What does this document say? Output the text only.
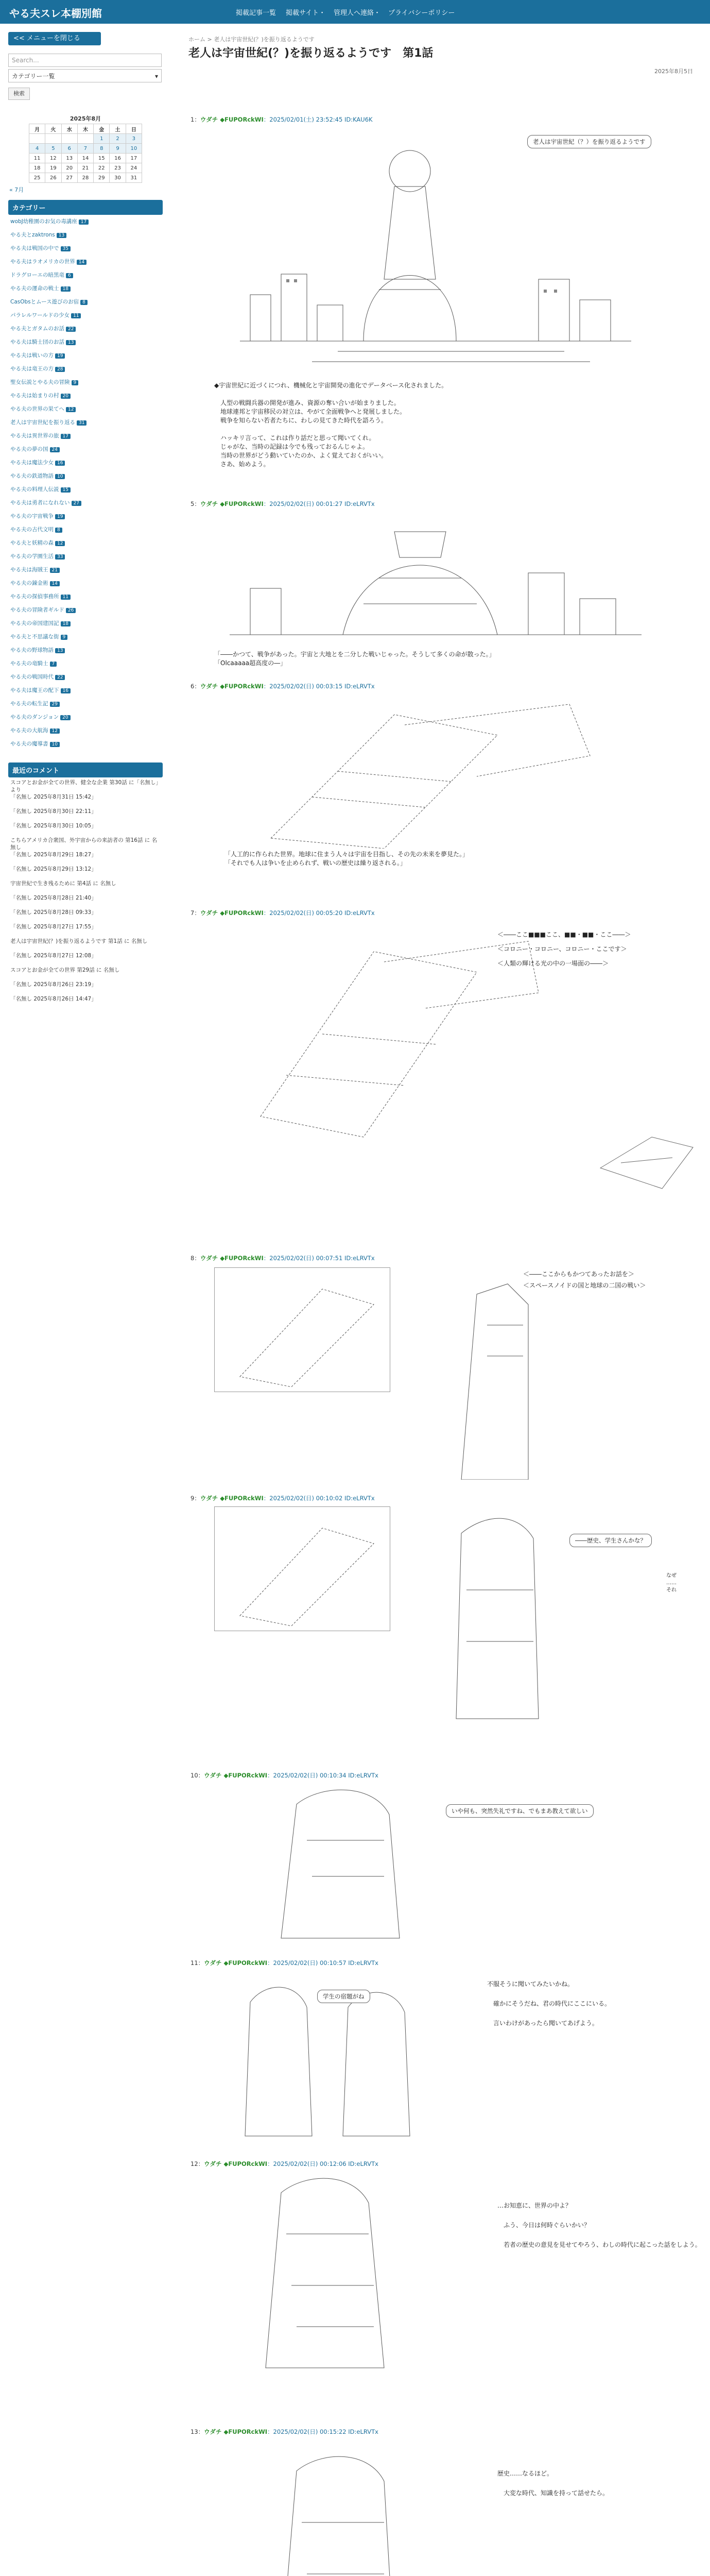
やる夫スレ本棚別館	掲載記事一覧 掲載サイト・ 管理人へ連絡・ プライバシーポリシー
<< メニューを閉じる
Search...
カテゴリー一覧	▾
検索
2025年8月						
月	火	水	木	金	土	日
				1	2	3
4	5	6	7	8	9	10
11	12	13	14	15	16	17
18	19	20	21	22	23	24
25	26	27	28	29	30	31
« 7月
カテゴリー
wobJ幼稚園のお気の毒講座 17
やる夫とzaktrons 13
やる夫は戦国の中で 35
やる夫はラオメリカの世界 14
ドラグローエの暗黒竜 6
やる夫の運命の戦士 18
CasObsとムース遊びのお宿 8
パラレルワールドの少女 11
やる夫とガタムのお話 22
やる夫は騎士団のお話 13
やる夫は戦いの方 19
やる夫は竜王の方 28
聖女伝説とやる夫の冒険 9
やる夫は始まりの村 20
やる夫の世界の果てへ 12
老人は宇宙世紀を振り返る 31
やる夫は異世界の旅 17
やる夫の夢の国 24
やる夫は魔法少女 16
やる夫の鉄道物語 10
やる夫の料理人伝説 15
やる夫は勇者になれない 27
やる夫の宇宙戦争 19
やる夫の古代文明 8
やる夫と妖精の森 12
やる夫の学園生活 33
やる夫は海賊王 21
やる夫の錬金術 14
やる夫の探偵事務所 11
やる夫の冒険者ギルド 26
やる夫の帝国建国記 18
やる夫と不思議な街 9
やる夫の野球物語 13
やる夫の竜騎士 7
やる夫の戦国時代 22
やる夫は魔王の配下 16
やる夫の転生記 29
やる夫のダンジョン 20
やる夫の大航海 12
やる夫の魔導書 10
最近のコメント
スコアとお金が全ての世界、健全な企業 第30話 に「名無し」より
「名無し 2025年8月31日 15:42」
「名無し 2025年8月30日 22:11」
「名無し 2025年8月30日 10:05」
こちらアメリカ合衆国、外宇宙からの来訪者の 第16話 に 名無し
「名無し 2025年8月29日 18:27」
「名無し 2025年8月29日 13:12」
宇宙世紀で生き残るために 第4話 に 名無し
「名無し 2025年8月28日 21:40」
「名無し 2025年8月28日 09:33」
「名無し 2025年8月27日 17:55」
老人は宇宙世紀(？)を振り返るようです 第1話 に 名無し
「名無し 2025年8月27日 12:08」
スコアとお金が全ての世界 第29話 に 名無し
「名無し 2025年8月26日 23:19」
「名無し 2025年8月26日 14:47」
ホーム > 老人は宇宙世紀(？)を振り返るようです
老人は宇宙世紀(？)を振り返るようです　第1話
2025年8月5日
1：ウダチ ◆FUPORckWI：2025/02/01(土) 23:52:45 ID:KAU6K
老人は宇宙世紀（？）を振り返るようです
◆宇宙世紀に近づくにつれ、機械化と宇宙開発の進化でデータベース化されました。

　人型の戦闘兵器の開発が進み、資源の奪い合いが始まりました。
　地球連邦と宇宙移民の対立は、やがて全面戦争へと発展しました。
　戦争を知らない若者たちに、わしの見てきた時代を語ろう。

　ハッキリ言って、これは作り話だと思って聞いてくれ。
　じゃがな、当時の記録は今でも残っておるんじゃよ。
　当時の世界がどう動いていたのか、よく覚えておくがいい。
　さあ、始めよう。
5：ウダチ ◆FUPORckWI：2025/02/02(日) 00:01:27 ID:eLRVTx
「――かつて、戦争があった。宇宙と大地とを二分した戦いじゃった。そうして多くの命が散った。」
「Olcaaaaa超高度の―」
6：ウダチ ◆FUPORckWI：2025/02/02(日) 00:03:15 ID:eLRVTx
「人工的に作られた世界。地球に住まう人々は宇宙を目指し、その先の未来を夢見た。」
「それでも人は争いを止められず、戦いの歴史は繰り返される。」
7：ウダチ ◆FUPORckWI：2025/02/02(日) 00:05:20 ID:eLRVTx
＜――ここ■■■ここ、■■・■■・ここ――＞
＜コロニー・コロニー、コロニー・ここです＞
＜人類の輝ける光の中の一場面の――＞
8：ウダチ ◆FUPORckWI：2025/02/02(日) 00:07:51 ID:eLRVTx
＜――ここからもかつてあったお話を＞
＜スペースノイドの国と地球の二国の戦い＞
9：ウダチ ◆FUPORckWI：2025/02/02(日) 00:10:02 ID:eLRVTx
――歴史、学生さんかな？
なぜ
……
それ
10：ウダチ ◆FUPORckWI：2025/02/02(日) 00:10:34 ID:eLRVTx
いや何も、突然失礼ですね、でもまあ教えて欲しい
11：ウダチ ◆FUPORckWI：2025/02/02(日) 00:10:57 ID:eLRVTx
学生の宿題がね
不服そうに聞いてみたいかね。

　確かにそうだね、君の時代にここにいる。

　言いわけがあったら聞いてあげよう。
12：ウダチ ◆FUPORckWI：2025/02/02(日) 00:12:06 ID:eLRVTx
…お知恵に、世界の中よ？

　ふう、今日は何時ぐらいかい？

　若者の歴史の意見を見せてやろう、わしの時代に起こった話をしよう。
13：ウダチ ◆FUPORckWI：2025/02/02(日) 00:15:22 ID:eLRVTx
歴史……なるほど。

　大変な時代、知識を持って話せたら。
